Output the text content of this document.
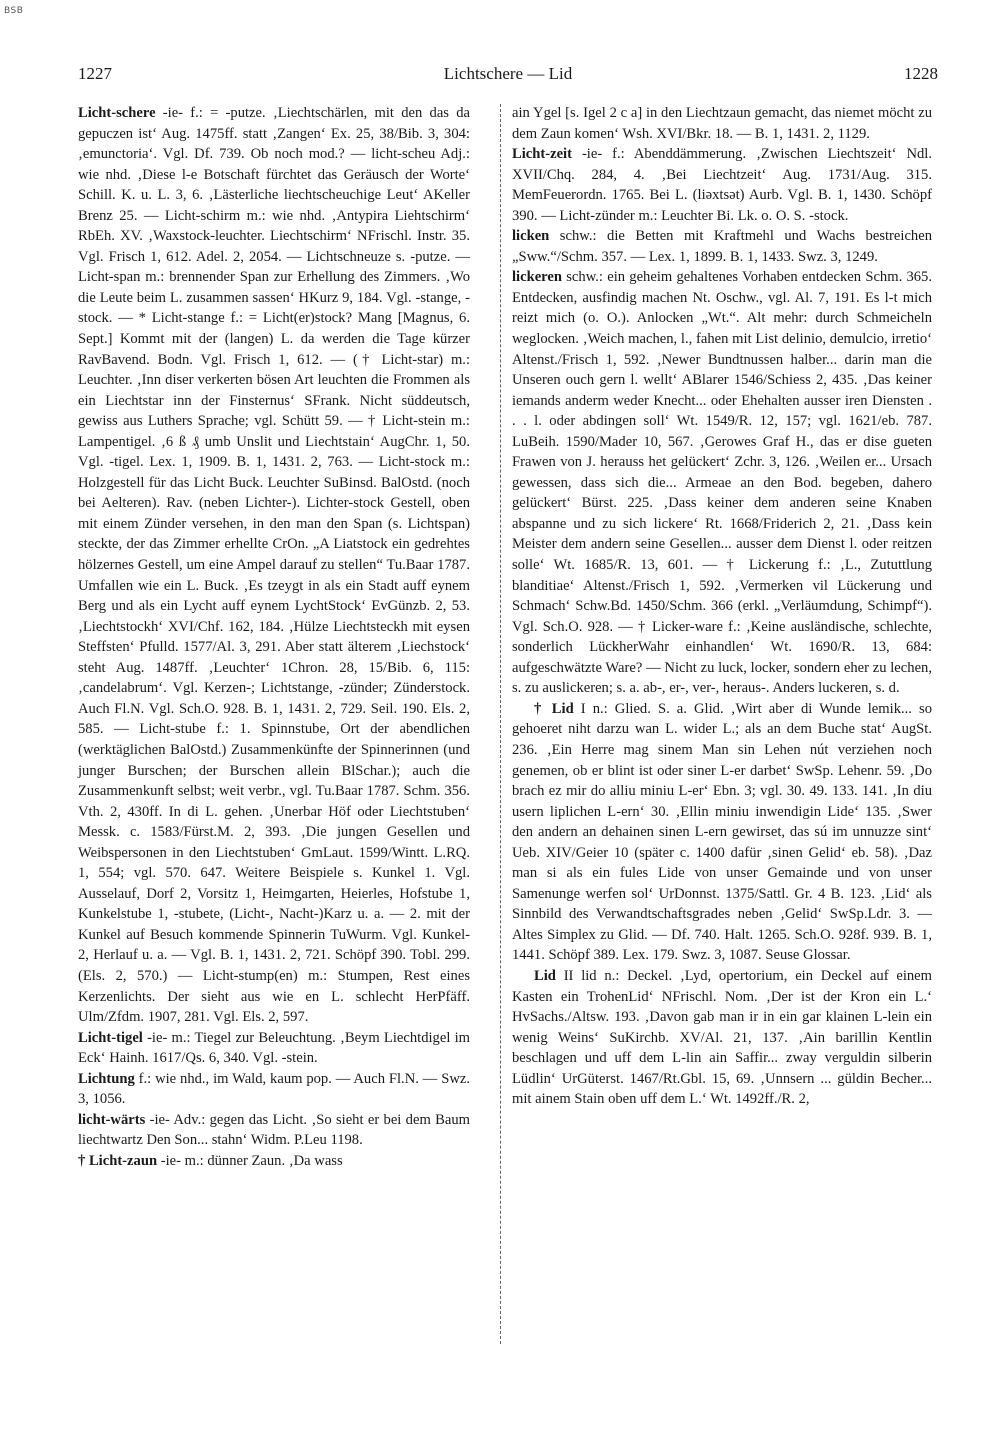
BSB
1227	Lichtschere — Lid	1228

Licht-schere -ie- f.: = -putze. ‚Liechtschärlen, mit den das da gepuczen ist‘ Aug. 1475ff. statt ‚Zangen‘ Ex. 25, 38/Bib. 3, 304: ‚emunctoria‘. Vgl. Df. 739. Ob noch mod.? — licht-scheu Adj.: wie nhd. ‚Diese l-e Botschaft fürchtet das Geräusch der Worte‘ Schill. K. u. L. 3, 6. ‚Lästerliche liechtscheuchige Leut‘ AKeller Brenz 25. — Licht-schirm m.: wie nhd. ‚Antypira Liehtschirm‘ RbEh. XV. ‚Waxstock-leuchter. Liechtschirm‘ NFrischl. Instr. 35. Vgl. Frisch 1, 612. Adel. 2, 2054. — Lichtschneuze s. -putze. — Licht-span m.: brennender Span zur Erhellung des Zimmers. ‚Wo die Leute beim L. zusammen sassen‘ HKurz 9, 184. Vgl. -stange, -stock. — * Licht-stange f.: = Licht(er)stock? Mang [Magnus, 6. Sept.] Kommt mit der (langen) L. da werden die Tage kürzer RavBavend. Bodn. Vgl. Frisch 1, 612. — († Licht-star) m.: Leuchter. ‚Inn diser verkerten bösen Art leuchten die Frommen als ein Liechtstar inn der Finsternus‘ SFrank. Nicht süddeutsch, gewiss aus Luthers Sprache; vgl. Schütt 59. — † Licht-stein m.: Lampentigel. ‚6 ß ₰ umb Unslit und Liechtstain‘ AugChr. 1, 50. Vgl. -tigel. Lex. 1, 1909. B. 1, 1431. 2, 763. — Licht-stock m.: Holzgestell für das Licht Buck. Leuchter SuBinsd. BalOstd. (noch bei Aelteren). Rav. (neben Lichter-). Lichter-stock Gestell, oben mit einem Zünder versehen, in den man den Span (s. Lichtspan) steckte, der das Zimmer erhellte CrOn. „A Liatstock ein gedrehtes hölzernes Gestell, um eine Ampel darauf zu stellen“ Tu.Baar 1787. Umfallen wie ein L. Buck. ‚Es tzeygt in als ein Stadt auff eynem Berg und als ein Lycht auff eynem LychtStock‘ EvGünzb. 2, 53. ‚Liechtstockh‘ XVI/Chf. 162, 184. ‚Hülze Liechtsteckh mit eysen Steffsten‘ Pfulld. 1577/Al. 3, 291. Aber statt älterem ‚Liechstock‘ steht Aug. 1487ff. ‚Leuchter‘ 1Chron. 28, 15/Bib. 6, 115: ‚candelabrum‘. Vgl. Kerzen-; Lichtstange, -zünder; Zünderstock. Auch Fl.N. Vgl. Sch.O. 928. B. 1, 1431. 2, 729. Seil. 190. Els. 2, 585. — Licht-stube f.: 1. Spinnstube, Ort der abendlichen (werktäglichen BalOstd.) Zusammenkünfte der Spinnerinnen (und junger Burschen; der Burschen allein BlSchar.); auch die Zusammenkunft selbst; weit verbr., vgl. Tu.Baar 1787. Schm. 356. Vth. 2, 430ff. In di L. gehen. ‚Unerbar Höf oder Liechtstuben‘ Messk. c. 1583/Fürst.M. 2, 393. ‚Die jungen Gesellen und Weibspersonen in den Liechtstuben‘ GmLaut. 1599/Wintt. L.RQ. 1, 554; vgl. 570. 647. Weitere Beispiele s. Kunkel 1. Vgl. Ausselauf, Dorf 2, Vorsitz 1, Heimgarten, Heierles, Hofstube 1, Kunkelstube 1, -stubete, (Licht-, Nacht-)Karz u. a. — 2. mit der Kunkel auf Besuch kommende Spinnerin TuWurm. Vgl. Kunkel- 2, Herlauf u. a. — Vgl. B. 1, 1431. 2, 721. Schöpf 390. Tobl. 299. (Els. 2, 570.) — Licht-stump(en) m.: Stumpen, Rest eines Kerzenlichts. Der sieht aus wie en L. schlecht HerPfäff. Ulm/Zfdm. 1907, 281. Vgl. Els. 2, 597.

Licht-tigel -ie- m.: Tiegel zur Beleuchtung. ‚Beym Liechtdigel im Eck‘ Hainh. 1617/Qs. 6, 340. Vgl. -stein.

Lichtung f.: wie nhd., im Wald, kaum pop. — Auch Fl.N. — Swz. 3, 1056.

licht-wärts -ie- Adv.: gegen das Licht. ‚So sieht er bei dem Baum liechtwartz Den Son... stahn‘ Widm. P.Leu 1198.

† Licht-zaun -ie- m.: dünner Zaun. ‚Da wass

ain Ygel [s. Igel 2 c a] in den Liechtzaun gemacht, das niemet möcht zu dem Zaun komen‘ Wsh. XVI/Bkr. 18. — B. 1, 1431. 2, 1129.

Licht-zeit -ie- f.: Abenddämmerung. ‚Zwischen Liechtszeit‘ Ndl. XVII/Chq. 284, 4. ‚Bei Liechtzeit‘ Aug. 1731/Aug. 315. MemFeuerordn. 1765. Bei L. (liəxtsət) Aurb. Vgl. B. 1, 1430. Schöpf 390. — Licht-zünder m.: Leuchter Bi. Lk. o. O. S. -stock.

licken schw.: die Betten mit Kraftmehl und Wachs bestreichen „Sww.“/Schm. 357. — Lex. 1, 1899. B. 1, 1433. Swz. 3, 1249.

lickeren schw.: ein geheim gehaltenes Vorhaben entdecken Schm. 365. Entdecken, ausfindig machen Nt. Oschw., vgl. Al. 7, 191. Es l-t mich reizt mich (o. O.). Anlocken „Wt.“. Alt mehr: durch Schmeicheln weglocken. ‚Weich machen, l., fahen mit List delinio, demulcio, irretio‘ Altenst./Frisch 1, 592. ‚Newer Bundtnussen halber... darin man die Unseren ouch gern l. wellt‘ ABlarer 1546/Schiess 2, 435. ‚Das keiner iemands anderm weder Knecht... oder Ehehalten ausser iren Diensten . . . l. oder abdingen soll‘ Wt. 1549/R. 12, 157; vgl. 1621/eb. 787. LuBeih. 1590/Mader 10, 567. ‚Gerowes Graf H., das er dise gueten Frawen von J. herauss het gelückert‘ Zchr. 3, 126. ‚Weilen er... Ursach gewessen, dass sich die... Armeae an den Bod. begeben, dahero gelückert‘ Bürst. 225. ‚Dass keiner dem anderen seine Knaben abspanne und zu sich lickere‘ Rt. 1668/Friderich 2, 21. ‚Dass kein Meister dem andern seine Gesellen... ausser dem Dienst l. oder reitzen solle‘ Wt. 1685/R. 13, 601. — † Lickerung f.: ‚L., Zututtlung blanditiae‘ Altenst./Frisch 1, 592. ‚Vermerken vil Lückerung und Schmach‘ Schw.Bd. 1450/Schm. 366 (erkl. „Verläumdung, Schimpf“). Vgl. Sch.O. 928. — † Licker-ware f.: ‚Keine ausländische, schlechte, sonderlich LückherWahr einhandlen‘ Wt. 1690/R. 13, 684: aufgeschwätzte Ware? — Nicht zu luck, locker, sondern eher zu lechen, s. zu auslickeren; s. a. ab-, er-, ver-, heraus-. Anders luckeren, s. d.

† Lid I n.: Glied. S. a. Glid. ‚Wirt aber di Wunde lemik... so gehoeret niht darzu wan L. wider L.; als an dem Buche stat‘ AugSt. 236. ‚Ein Herre mag sinem Man sin Lehen nút verziehen noch genemen, ob er blint ist oder siner L-er darbet‘ SwSp. Lehenr. 59. ‚Do brach ez mir do alliu miniu L-er‘ Ebn. 3; vgl. 30. 49. 133. 141. ‚In diu usern liplichen L-ern‘ 30. ‚Ellin miniu inwendigin Lide‘ 135. ‚Swer den andern an dehainen sinen L-ern gewirset, das sú im unnuzze sint‘ Ueb. XIV/Geier 10 (später c. 1400 dafür ‚sinen Gelid‘ eb. 58). ‚Daz man si als ein fules Lide von unser Gemainde und von unser Samenunge werfen sol‘ UrDonnst. 1375/Sattl. Gr. 4 B. 123. ‚Lid‘ als Sinnbild des Verwandtschaftsgrades neben ‚Gelid‘ SwSp.Ldr. 3. — Altes Simplex zu Glid. — Df. 740. Halt. 1265. Sch.O. 928f. 939. B. 1, 1441. Schöpf 389. Lex. 179. Swz. 3, 1087. Seuse Glossar.

Lid II lid n.: Deckel. ‚Lyd, opertorium, ein Deckel auf einem Kasten ein TrohenLid‘ NFrischl. Nom. ‚Der ist der Kron ein L.‘ HvSachs./Altsw. 193. ‚Davon gab man ir in ein gar klainen L-lein ein wenig Weins‘ SuKirchb. XV/Al. 21, 137. ‚Ain barillin Kentlin beschlagen und uff dem L-lin ain Saffir... zway verguldin silberin Lüdlin‘ UrGüterst. 1467/Rt.Gbl. 15, 69. ‚Unnsern ... güldin Becher... mit ainem Stain oben uff dem L.‘ Wt. 1492ff./R. 2,
